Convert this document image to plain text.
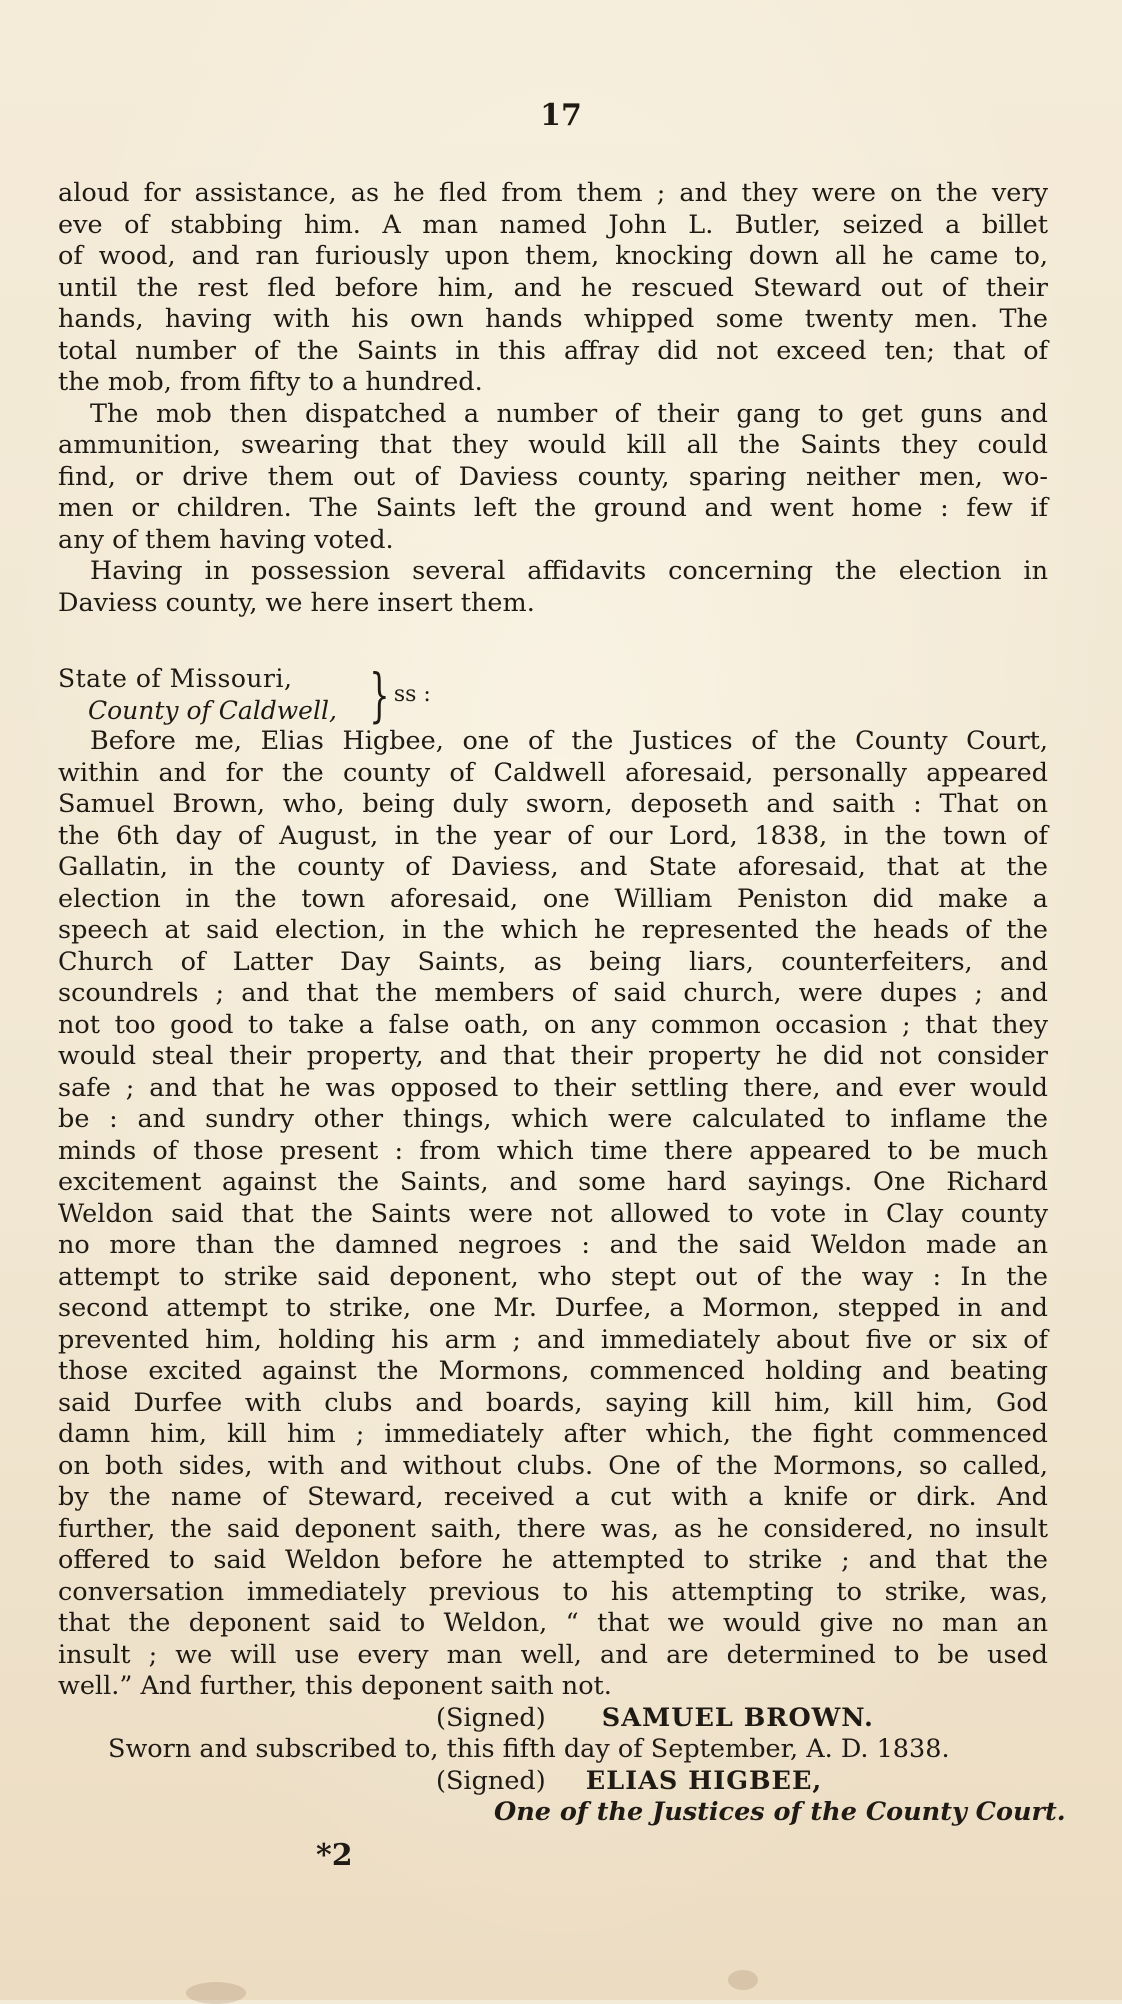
17
aloud for assistance, as he fled from them ; and they were on the very
eve of stabbing him. A man named John L. Butler, seized a billet
of wood, and ran furiously upon them, knocking down all he came to,
until the rest fled before him, and he rescued Steward out of their
hands, having with his own hands whipped some twenty men. The
total number of the Saints in this affray did not exceed ten; that of
the mob, from fifty to a hundred.
The mob then dispatched a number of their gang to get guns and
ammunition, swearing that they would kill all the Saints they could
find, or drive them out of Daviess county, sparing neither men, wo-
men or children. The Saints left the ground and went home : few if
any of them having voted.
Having in possession several affidavits concerning the election in
Daviess county, we here insert them.
State of Missouri,
County of Caldwell, } ss :
Before me, Elias Higbee, one of the Justices of the County Court,
within and for the county of Caldwell aforesaid, personally appeared
Samuel Brown, who, being duly sworn, deposeth and saith : That on
the 6th day of August, in the year of our Lord, 1838, in the town of
Gallatin, in the county of Daviess, and State aforesaid, that at the
election in the town aforesaid, one William Peniston did make a
speech at said election, in the which he represented the heads of the
Church of Latter Day Saints, as being liars, counterfeiters, and
scoundrels ; and that the members of said church, were dupes ; and
not too good to take a false oath, on any common occasion ; that they
would steal their property, and that their property he did not consider
safe ; and that he was opposed to their settling there, and ever would
be : and sundry other things, which were calculated to inflame the
minds of those present : from which time there appeared to be much
excitement against the Saints, and some hard sayings. One Richard
Weldon said that the Saints were not allowed to vote in Clay county
no more than the damned negroes : and the said Weldon made an
attempt to strike said deponent, who stept out of the way : In the
second attempt to strike, one Mr. Durfee, a Mormon, stepped in and
prevented him, holding his arm ; and immediately about five or six of
those excited against the Mormons, commenced holding and beating
said Durfee with clubs and boards, saying kill him, kill him, God
damn him, kill him ; immediately after which, the fight commenced
on both sides, with and without clubs. One of the Mormons, so called,
by the name of Steward, received a cut with a knife or dirk. And
further, the said deponent saith, there was, as he considered, no insult
offered to said Weldon before he attempted to strike ; and that the
conversation immediately previous to his attempting to strike, was,
that the deponent said to Weldon, “ that we would give no man an
insult ; we will use every man well, and are determined to be used
well.” And further, this deponent saith not.
(Signed) SAMUEL BROWN.
Sworn and subscribed to, this fifth day of September, A. D. 1838.
(Signed) ELIAS HIGBEE,
One of the Justices of the County Court.
*2
